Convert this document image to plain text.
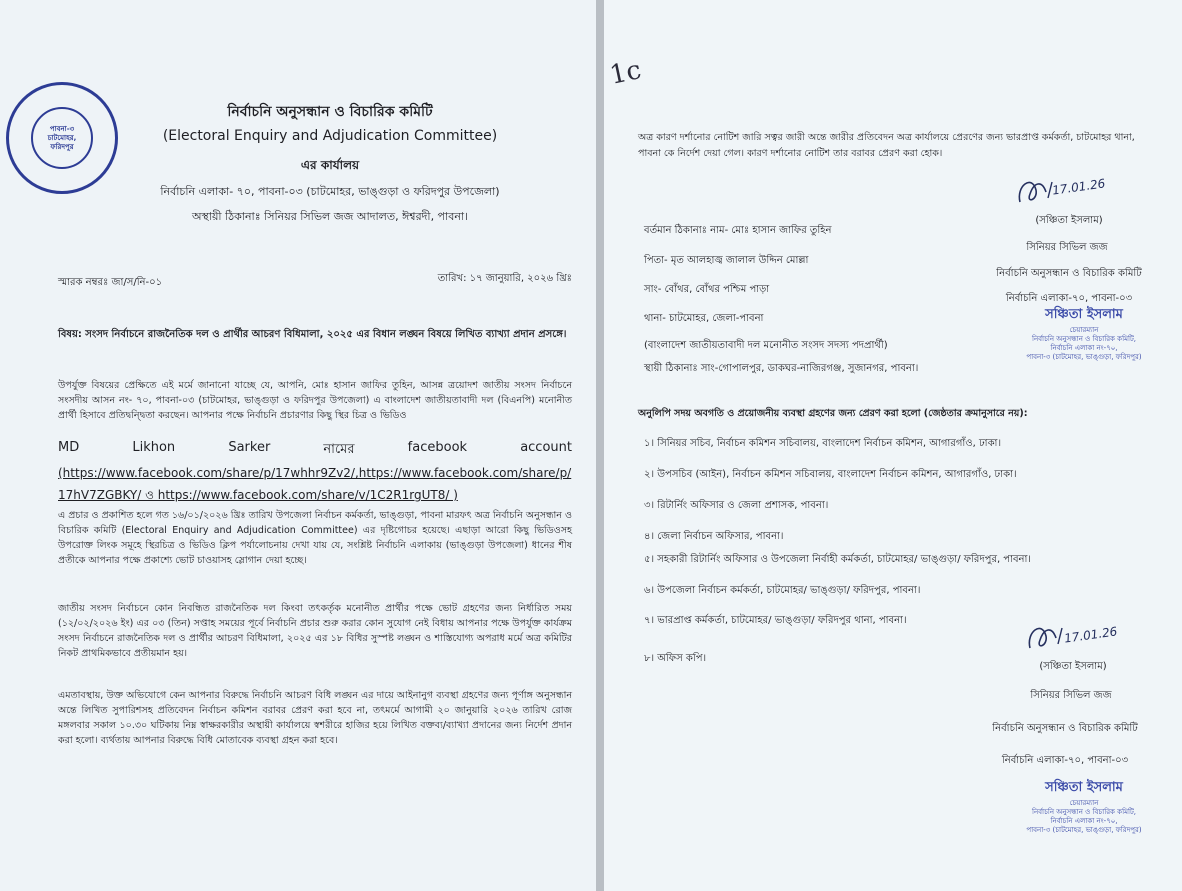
পাবনা-৩
চাটমোহর,
ফরিদপুর
নির্বাচনি অনুসন্ধান ও বিচারিক কমিটি
(Electoral Enquiry and Adjudication Committee)
এর কার্যালয়
নির্বাচনি এলাকা- ৭০, পাবনা-০৩ (চাটমোহর, ভাঙ্গুড়া ও ফরিদপুর উপজেলা)
অস্থায়ী ঠিকানাঃ সিনিয়র সিভিল জজ আদালত, ঈশ্বরদী, পাবনা।
স্মারক নম্বরঃ জা/স/নি-০১	তারিখ: ১৭ জানুয়ারি, ২০২৬ খ্রিঃ
বিষয়: সংসদ নির্বাচনে রাজনৈতিক দল ও প্রার্থীর আচরণ বিধিমালা, ২০২৫ এর বিধান লঙ্ঘন বিষয়ে লিখিত ব্যাখ্যা প্রদান প্রসঙ্গে।
উপর্যুক্ত বিষয়ের প্রেক্ষিতে এই মর্মে জানানো যাচ্ছে যে, আপনি, মোঃ হাসান জাফির তুহিন, আসন্ন ত্রয়োদশ জাতীয় সংসদ নির্বাচনে সংসদীয় আসন নং- ৭০, পাবনা-০৩ (চাটমোহর, ভাঙ্গুড়া ও ফরিদপুর উপজেলা) এ বাংলাদেশ জাতীয়তাবাদী দল (বিএনপি) মনোনীত প্রার্থী হিসাবে প্রতিদ্বন্দ্বিতা করছেন। আপনার পক্ষে নির্বাচনি প্রচারণার কিছু স্থির চিত্র ও ভিডিও
MD	Likhon	Sarker	নামের	facebook	account
(https://www.facebook.com/share/p/17whhr9Zv2/,https://www.facebook.com/share/p/17hV7ZGBKY/ ও https://www.facebook.com/share/v/1C2R1rgUT8/ )
এ প্রচার ও প্রকাশিত হলে গত ১৬/০১/২০২৬ খ্রিঃ তারিখ উপজেলা নির্বাচন কর্মকর্তা, ভাঙ্গুড়া, পাবনা মারফৎ অত্র নির্বাচনি অনুসন্ধান ও বিচারিক কমিটি (Electoral Enquiry and Adjudication Committee) এর দৃষ্টিগোচর হয়েছে। এছাড়া আরো কিছু ভিডিওসহ উপরোক্ত লিংক সমূহে স্থিরচিত্র ও ভিডিও ক্লিপ পর্যালোচনায় দেখা যায় যে, সংশ্লিষ্ট নির্বাচনি এলাকায় (ভাঙ্গুড়া উপজেলা) ধানের শীষ প্রতীকে আপনার পক্ষে প্রকাশ্যে ভোট চাওয়াসহ স্লোগান দেয়া হচ্ছে।
জাতীয় সংসদ নির্বাচনে কোন নিবন্ধিত রাজনৈতিক দল কিংবা তৎকর্তৃক মনোনীত প্রার্থীর পক্ষে ভোট গ্রহণের জন্য নির্ধারিত সময় (১২/০২/২০২৬ ইং) এর ০৩ (তিন) সপ্তাহ সময়ের পূর্বে নির্বাচনি প্রচার শুরু করার কোন সুযোগ নেই বিধায় আপনার পক্ষে উপর্যুক্ত কার্যক্রম সংসদ নির্বাচনে রাজনৈতিক দল ও প্রার্থীর আচরণ বিধিমালা, ২০২৫ এর ১৮ বিধির সুস্পষ্ট লঙ্ঘন ও শাস্তিযোগ্য অপরাধ মর্মে অত্র কমিটির নিকট প্রাথমিকভাবে প্রতীয়মান হয়।
এমতাবস্থায়, উক্ত অভিযোগে কেন আপনার বিরুদ্ধে নির্বাচনি আচরণ বিধি লঙ্ঘন এর দায়ে আইনানুগ ব্যবস্থা গ্রহণের জন্য পূর্ণাঙ্গ অনুসন্ধান অন্তে লিখিত সুপারিশসহ প্রতিবেদন নির্বাচন কমিশন বরাবর প্রেরণ করা হবে না, তৎমর্মে আগামী ২০ জানুয়ারি ২০২৬ তারিখ রোজ মঙ্গলবার সকাল ১০.৩০ ঘটিকায় নিম্ন স্বাক্ষরকারীর অস্থায়ী কার্যালয়ে স্বশরীরে হাজির হয়ে লিখিত বক্তব্য/ব্যাখ্যা প্রদানের জন্য নির্দেশ প্রদান করা হলো। ব্যর্থতায় আপনার বিরুদ্ধে বিধি মোতাবেক ব্যবস্থা গ্রহন করা হবে।
1c
অত্র কারণ দর্শানোর নোটিশ জারি সত্বর জারী অন্তে জারীর প্রতিবেদন অত্র কার্যালয়ে প্রেরণের জন্য ভারপ্রাপ্ত কর্মকর্তা, চাটমোহর থানা, পাবনা কে নির্দেশ দেয়া গেল। কারণ দর্শানোর নোটিশ তার বরাবর প্রেরণ করা হোক।
17.01.26
(সঞ্চিতা ইসলাম)
সিনিয়র সিভিল জজ
নির্বাচনি অনুসন্ধান ও বিচারিক কমিটি
নির্বাচনি এলাকা-৭০, পাবনা-০৩
সঞ্চিতা ইসলাম
চেয়ারম্যান
নির্বাচনি অনুসন্ধান ও বিচারিক কমিটি,
নির্বাচনি এলাকা নং-৭০,
পাবনা-৩ (চাটমোহর, ভাঙ্গুড়া, ফরিদপুর)
বর্তমান ঠিকানাঃ নাম- মোঃ হাসান জাফির তুহিন
পিতা- মৃত আলহাজ্ব জালাল উদ্দিন মোল্লা
সাং- বোঁথর, বোঁথর পশ্চিম পাড়া
থানা- চাটমোহর, জেলা-পাবনা
(বাংলাদেশ জাতীয়তাবাদী দল মনোনীত সংসদ সদস্য পদপ্রার্থী)
স্থায়ী ঠিকানাঃ সাং-গোপালপুর, ডাকঘর-নাজিরগঞ্জ, সুজানগর, পাবনা।
অনুলিপি সদয় অবগতি ও প্রয়োজনীয় ব্যবস্থা গ্রহণের জন্য প্রেরণ করা হলো (জেষ্ঠতার ক্রমানুসারে নয়):
১। সিনিয়র সচিব, নির্বাচন কমিশন সচিবালয়, বাংলাদেশ নির্বাচন কমিশন, আগারগাঁও, ঢাকা।
২। উপসচিব (আইন), নির্বাচন কমিশন সচিবালয়, বাংলাদেশ নির্বাচন কমিশন, আগারগাঁও, ঢাকা।
৩। রিটার্নিং অফিসার ও জেলা প্রশাসক, পাবনা।
৪। জেলা নির্বাচন অফিসার, পাবনা।
৫। সহকারী রিটার্নিং অফিসার ও উপজেলা নির্বাহী কর্মকর্তা, চাটমোহর/ ভাঙ্গুড়া/ ফরিদপুর, পাবনা।
৬। উপজেলা নির্বাচন কর্মকর্তা, চাটমোহর/ ভাঙ্গুড়া/ ফরিদপুর, পাবনা।
৭। ভারপ্রাপ্ত কর্মকর্তা, চাটমোহর/ ভাঙ্গুড়া/ ফরিদপুর থানা, পাবনা।
৮। অফিস কপি।
17.01.26
(সঞ্চিতা ইসলাম)
সিনিয়র সিভিল জজ
নির্বাচনি অনুসন্ধান ও বিচারিক কমিটি
নির্বাচনি এলাকা-৭০, পাবনা-০৩
সঞ্চিতা ইসলাম
চেয়ারম্যান
নির্বাচনি অনুসন্ধান ও বিচারিক কমিটি,
নির্বাচনি এলাকা নং-৭০,
পাবনা-৩ (চাটমোহর, ভাঙ্গুড়া, ফরিদপুর)
